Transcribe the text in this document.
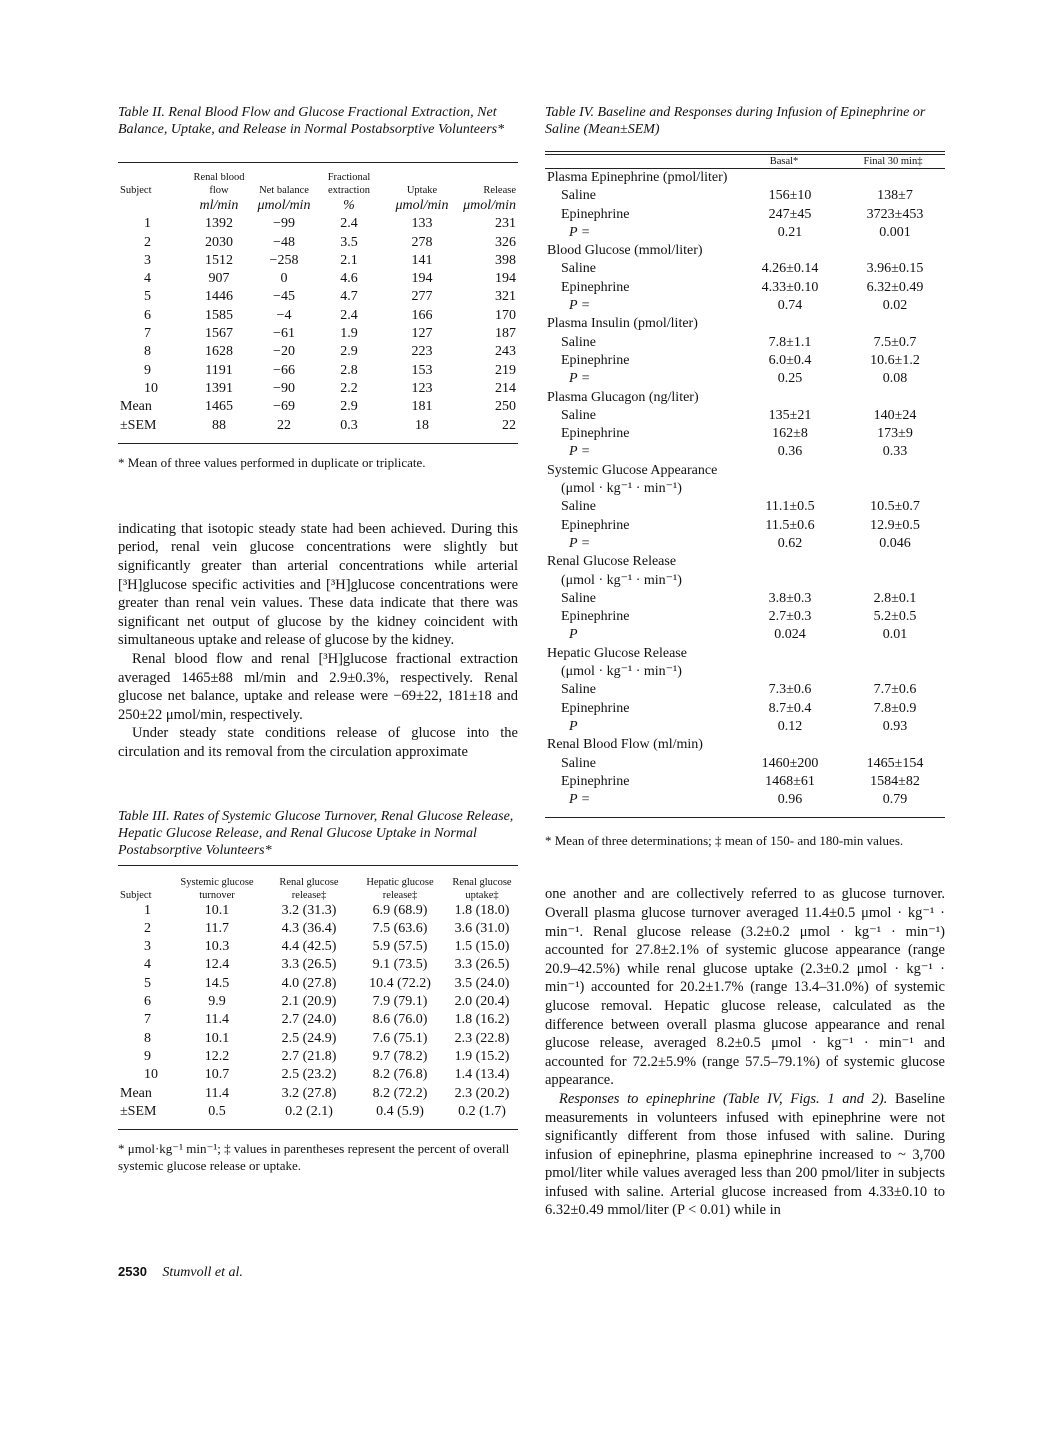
Table II. Renal Blood Flow and Glucose Fractional Extraction, Net Balance, Uptake, and Release in Normal Postabsorptive Volunteers*

Subject	Renal blood flow	Net balance	Fractional extraction	Uptake	Release
	ml/min	μmol/min	%	μmol/min	μmol/min
1	1392	−99	2.4	133	231
2	2030	−48	3.5	278	326
3	1512	−258	2.1	141	398
4	907	0	4.6	194	194
5	1446	−45	4.7	277	321
6	1585	−4	2.4	166	170
7	1567	−61	1.9	127	187
8	1628	−20	2.9	223	243
9	1191	−66	2.8	153	219
10	1391	−90	2.2	123	214
Mean	1465	−69	2.9	181	250
±SEM	88	22	0.3	18	22
* Mean of three values performed in duplicate or triplicate.

indicating that isotopic steady state had been achieved. During this period, renal vein glucose concentrations were slightly but significantly greater than arterial concentrations while arterial [³H]glucose specific activities and [³H]glucose concentrations were greater than renal vein values. These data indicate that there was significant net output of glucose by the kidney coincident with simultaneous uptake and release of glucose by the kidney.

Renal blood flow and renal [³H]glucose fractional extraction averaged 1465±88 ml/min and 2.9±0.3%, respectively. Renal glucose net balance, uptake and release were −69±22, 181±18 and 250±22 μmol/min, respectively.

Under steady state conditions release of glucose into the circulation and its removal from the circulation approximate

Table III. Rates of Systemic Glucose Turnover, Renal Glucose Release, Hepatic Glucose Release, and Renal Glucose Uptake in Normal Postabsorptive Volunteers*

Subject	Systemic glucose turnover	Renal glucose release‡	Hepatic glucose release‡	Renal glucose uptake‡
1	10.1	3.2 (31.3)	6.9 (68.9)	1.8 (18.0)
2	11.7	4.3 (36.4)	7.5 (63.6)	3.6 (31.0)
3	10.3	4.4 (42.5)	5.9 (57.5)	1.5 (15.0)
4	12.4	3.3 (26.5)	9.1 (73.5)	3.3 (26.5)
5	14.5	4.0 (27.8)	10.4 (72.2)	3.5 (24.0)
6	9.9	2.1 (20.9)	7.9 (79.1)	2.0 (20.4)
7	11.4	2.7 (24.0)	8.6 (76.0)	1.8 (16.2)
8	10.1	2.5 (24.9)	7.6 (75.1)	2.3 (22.8)
9	12.2	2.7 (21.8)	9.7 (78.2)	1.9 (15.2)
10	10.7	2.5 (23.2)	8.2 (76.8)	1.4 (13.4)
Mean	11.4	3.2 (27.8)	8.2 (72.2)	2.3 (20.2)
±SEM	0.5	0.2 (2.1)	0.4 (5.9)	0.2 (1.7)
* μmol·kg⁻¹ min⁻¹; ‡ values in parentheses represent the percent of overall systemic glucose release or uptake.
2530 Stumvoll et al.

Table IV. Baseline and Responses during Infusion of Epinephrine or Saline (Mean±SEM)

	Basal*	Final 30 min‡
Plasma Epinephrine (pmol/liter)		
Saline	156±10	138±7
Epinephrine	247±45	3723±453
P =	0.21	0.001
Blood Glucose (mmol/liter)		
Saline	4.26±0.14	3.96±0.15
Epinephrine	4.33±0.10	6.32±0.49
P =	0.74	0.02
Plasma Insulin (pmol/liter)		
Saline	7.8±1.1	7.5±0.7
Epinephrine	6.0±0.4	10.6±1.2
P =	0.25	0.08
Plasma Glucagon (ng/liter)		
Saline	135±21	140±24
Epinephrine	162±8	173±9
P =	0.36	0.33
Systemic Glucose Appearance		
(μmol · kg⁻¹ · min⁻¹)		
Saline	11.1±0.5	10.5±0.7
Epinephrine	11.5±0.6	12.9±0.5
P =	0.62	0.046
Renal Glucose Release		
(μmol · kg⁻¹ · min⁻¹)		
Saline	3.8±0.3	2.8±0.1
Epinephrine	2.7±0.3	5.2±0.5
P	0.024	0.01
Hepatic Glucose Release		
(μmol · kg⁻¹ · min⁻¹)		
Saline	7.3±0.6	7.7±0.6
Epinephrine	8.7±0.4	7.8±0.9
P	0.12	0.93
Renal Blood Flow (ml/min)		
Saline	1460±200	1465±154
Epinephrine	1468±61	1584±82
P =	0.96	0.79
* Mean of three determinations; ‡ mean of 150- and 180-min values.

one another and are collectively referred to as glucose turnover. Overall plasma glucose turnover averaged 11.4±0.5 μmol · kg⁻¹ · min⁻¹. Renal glucose release (3.2±0.2 μmol · kg⁻¹ · min⁻¹) accounted for 27.8±2.1% of systemic glucose appearance (range 20.9–42.5%) while renal glucose uptake (2.3±0.2 μmol · kg⁻¹ · min⁻¹) accounted for 20.2±1.7% (range 13.4–31.0%) of systemic glucose removal. Hepatic glucose release, calculated as the difference between overall plasma glucose appearance and renal glucose release, averaged 8.2±0.5 μmol · kg⁻¹ · min⁻¹ and accounted for 72.2±5.9% (range 57.5–79.1%) of systemic glucose appearance.

Responses to epinephrine (Table IV, Figs. 1 and 2). Baseline measurements in volunteers infused with epinephrine were not significantly different from those infused with saline. During infusion of epinephrine, plasma epinephrine increased to ~ 3,700 pmol/liter while values averaged less than 200 pmol/liter in subjects infused with saline. Arterial glucose increased from 4.33±0.10 to 6.32±0.49 mmol/liter (P < 0.01) while in
